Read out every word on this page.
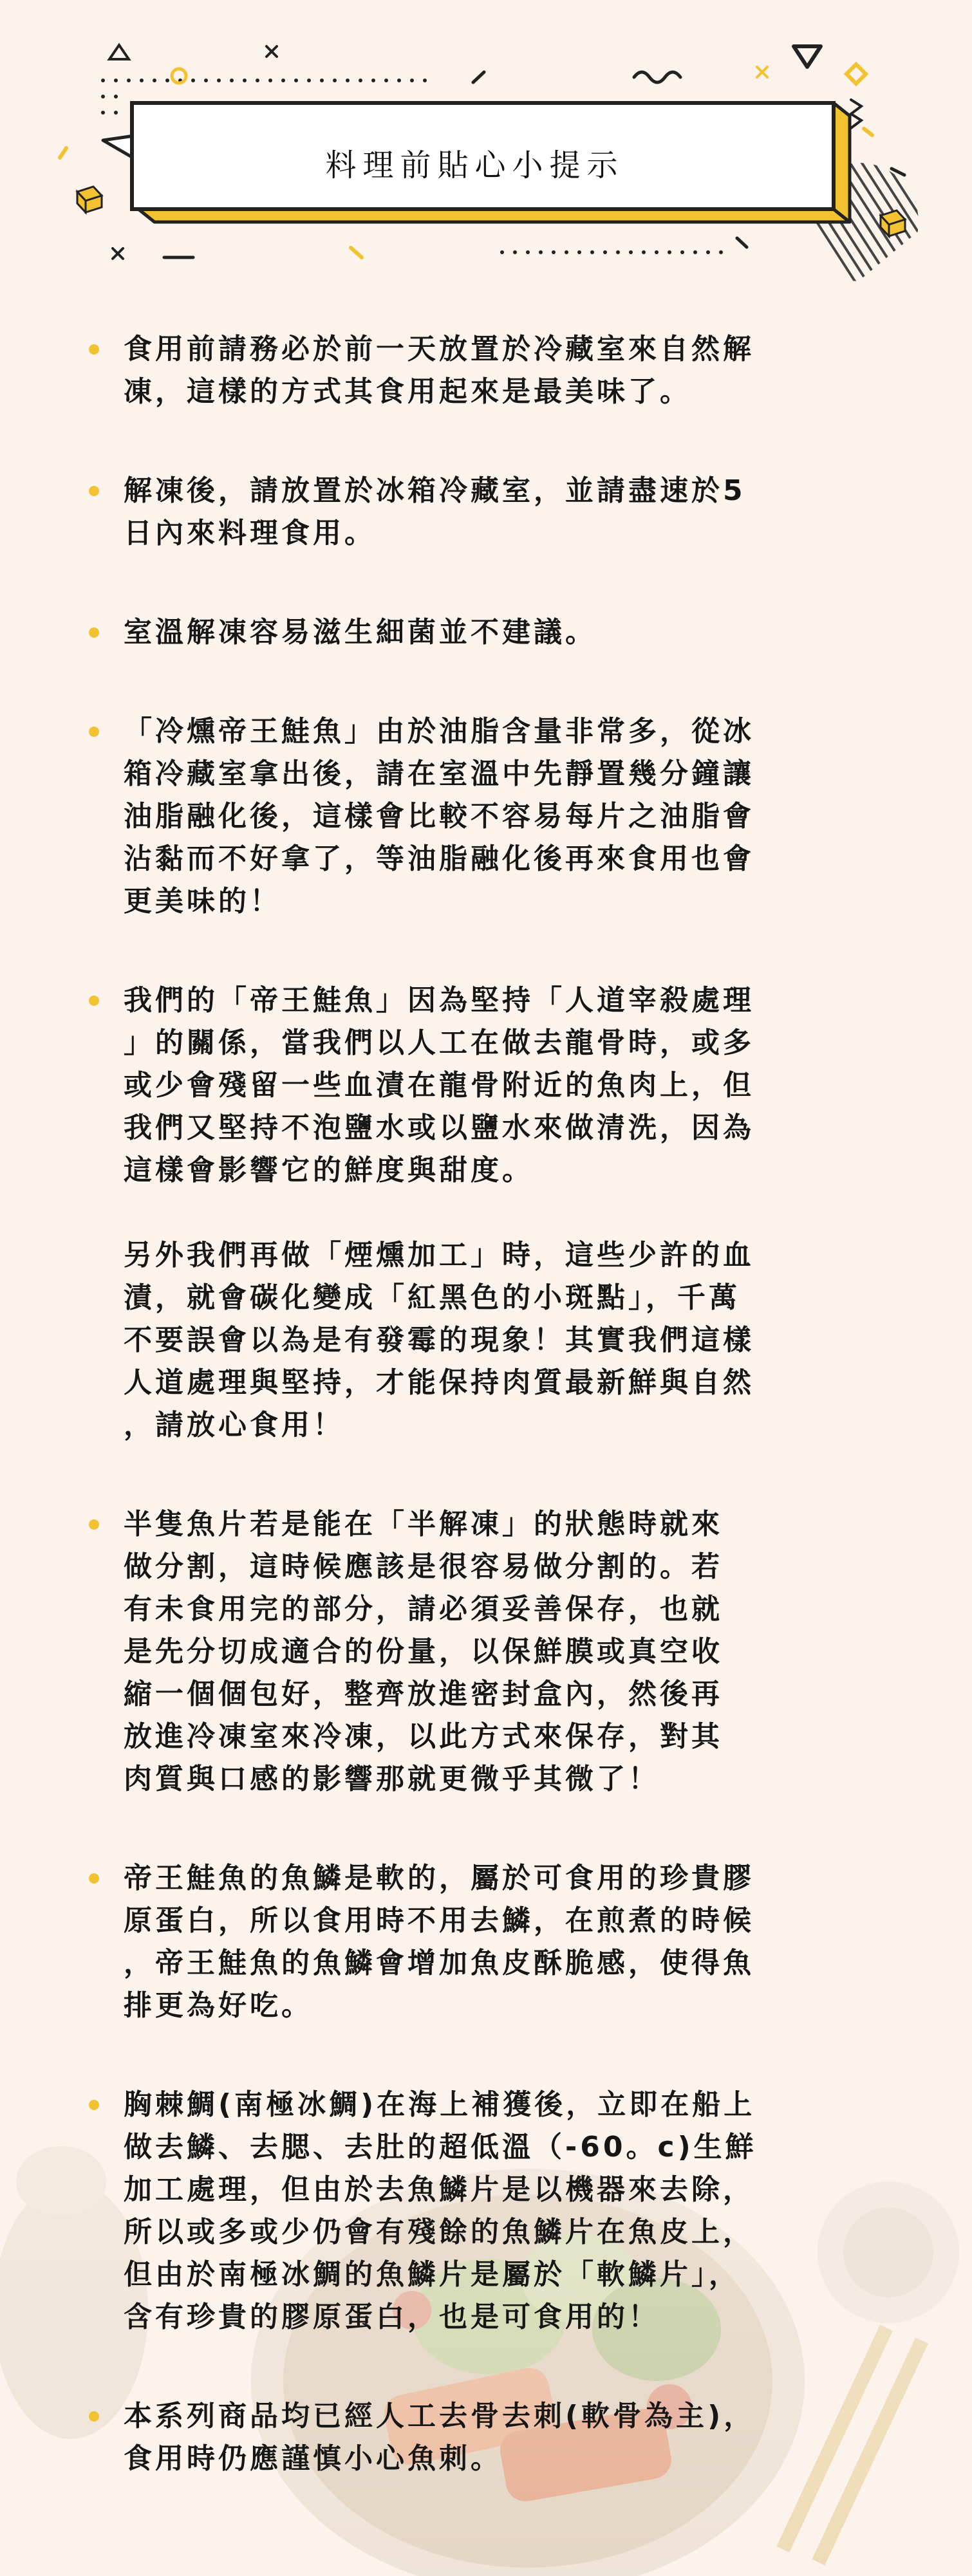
料理前貼心小提示

食用前請務必於前一天放置於冷藏室來自然解
凍，這樣的方式其食用起來是最美味了。

解凍後，請放置於冰箱冷藏室，並請盡速於5
日內來料理食用。

室溫解凍容易滋生細菌並不建議。

「冷燻帝王鮭魚」由於油脂含量非常多，從冰
箱冷藏室拿出後，請在室溫中先靜置幾分鐘讓
油脂融化後，這樣會比較不容易每片之油脂會
沾黏而不好拿了，等油脂融化後再來食用也會
更美味的！

我們的「帝王鮭魚」因為堅持「人道宰殺處理
」的關係，當我們以人工在做去龍骨時，或多
或少會殘留一些血漬在龍骨附近的魚肉上，但
我們又堅持不泡鹽水或以鹽水來做清洗，因為
這樣會影響它的鮮度與甜度。

另外我們再做「煙燻加工」時，這些少許的血
漬，就會碳化變成「紅黑色的小斑點」，千萬
不要誤會以為是有發霉的現象！其實我們這樣
人道處理與堅持，才能保持肉質最新鮮與自然
，請放心食用！

半隻魚片若是能在「半解凍」的狀態時就來
做分割，這時候應該是很容易做分割的。若
有未食用完的部分，請必須妥善保存，也就
是先分切成適合的份量，以保鮮膜或真空收
縮一個個包好，整齊放進密封盒內，然後再
放進冷凍室來冷凍，以此方式來保存，對其
肉質與口感的影響那就更微乎其微了！

帝王鮭魚的魚鱗是軟的，屬於可食用的珍貴膠
原蛋白，所以食用時不用去鱗，在煎煮的時候
，帝王鮭魚的魚鱗會增加魚皮酥脆感，使得魚
排更為好吃。

胸棘鯛(南極冰鯛)在海上補獲後，立即在船上
做去鱗、去腮、去肚的超低溫（-60。c)生鮮
加工處理，但由於去魚鱗片是以機器來去除，
所以或多或少仍會有殘餘的魚鱗片在魚皮上，
但由於南極冰鯛的魚鱗片是屬於「軟鱗片」，
含有珍貴的膠原蛋白，也是可食用的！

本系列商品均已經人工去骨去刺(軟骨為主)，
食用時仍應謹慎小心魚刺。
